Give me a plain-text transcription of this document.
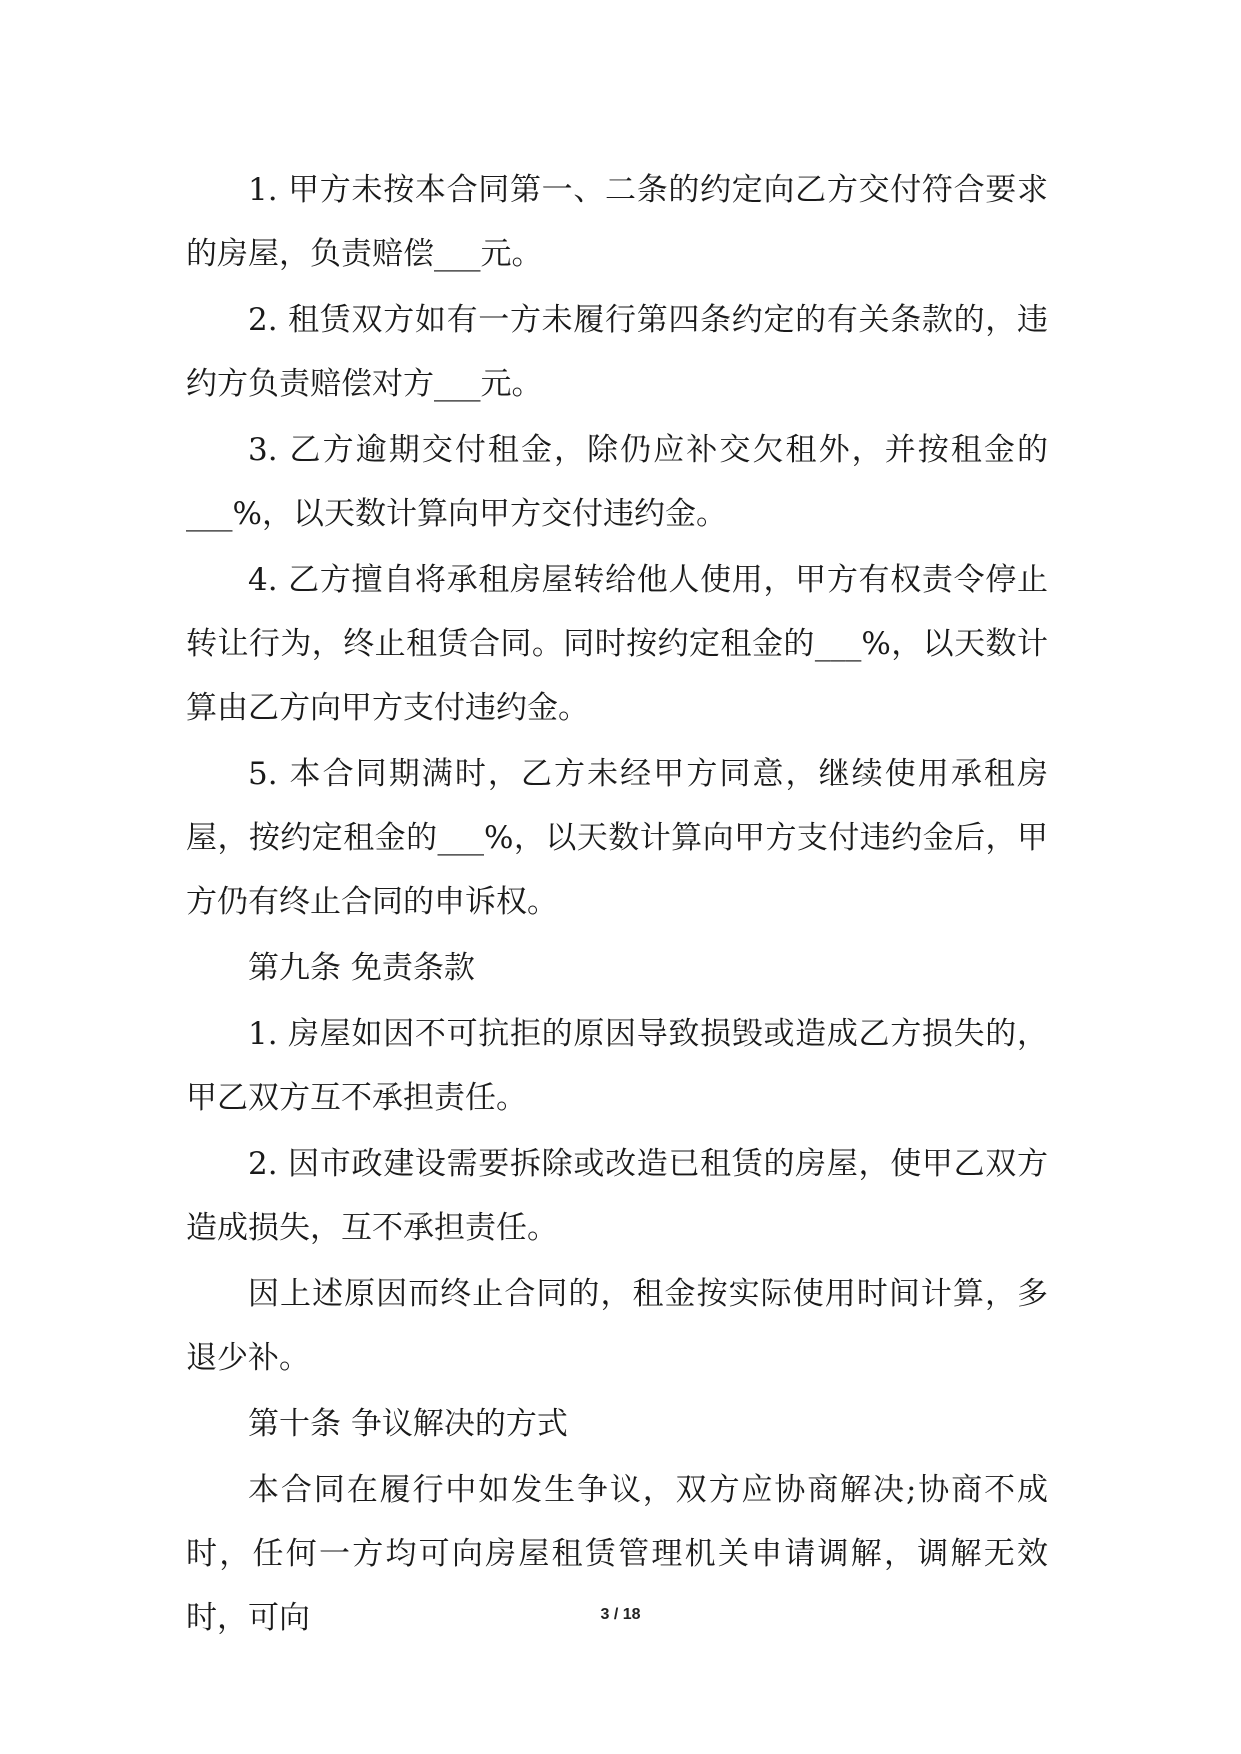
1. 甲方未按本合同第一、二条的约定向乙方交付符合要求的房屋，负责赔偿___元。

2. 租赁双方如有一方未履行第四条约定的有关条款的，违约方负责赔偿对方___元。

3. 乙方逾期交付租金，除仍应补交欠租外，并按租金的___%，以天数计算向甲方交付违约金。

4. 乙方擅自将承租房屋转给他人使用，甲方有权责令停止转让行为，终止租赁合同。同时按约定租金的___%，以天数计算由乙方向甲方支付违约金。

5. 本合同期满时，乙方未经甲方同意，继续使用承租房屋，按约定租金的___%，以天数计算向甲方支付违约金后，甲方仍有终止合同的申诉权。

第九条 免责条款

1. 房屋如因不可抗拒的原因导致损毁或造成乙方损失的，甲乙双方互不承担责任。

2. 因市政建设需要拆除或改造已租赁的房屋，使甲乙双方造成损失，互不承担责任。

因上述原因而终止合同的，租金按实际使用时间计算，多退少补。

第十条 争议解决的方式

本合同在履行中如发生争议，双方应协商解决;协商不成时，任何一方均可向房屋租赁管理机关申请调解，调解无效时，可向	3 / 18
